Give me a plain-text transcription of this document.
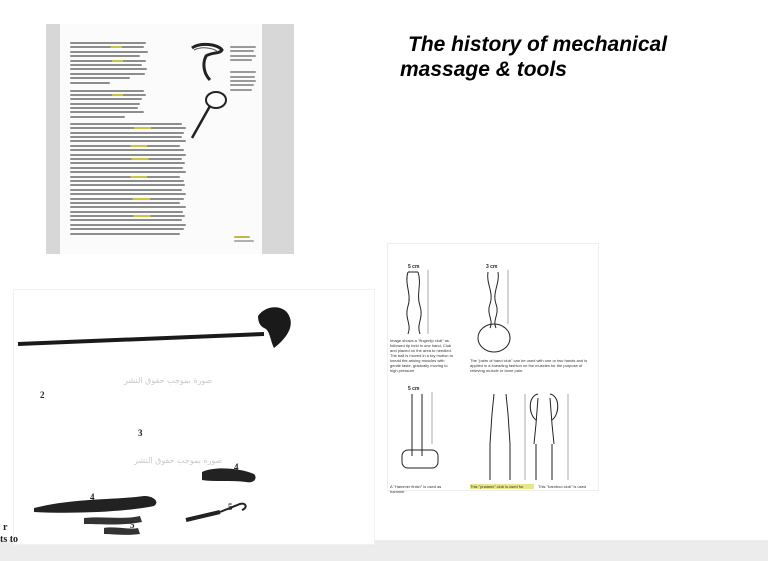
The history of mechanical
massage & tools
2
3
4
4
5
5
صورة بموجب حقوق النشر
صورة بموجب حقوق النشر
r
ts to
5 cm	3 cm
5 cm
Image shows a "fingertip club" as followed tip held in one hand, Club and placed on the area to needled. The ball is moved in a toy motion to knead the arising muscles with gentle taste, gradually moving to high pressure
The "palm of hand club" can be used with one or two hands and is applied in a kneading fashion on the muscles for the purpose of relieving muscle or bone pain.
A "Hammer finish" is used as hammer
This "phalanx" club is used for	This "bamboo club" is used
